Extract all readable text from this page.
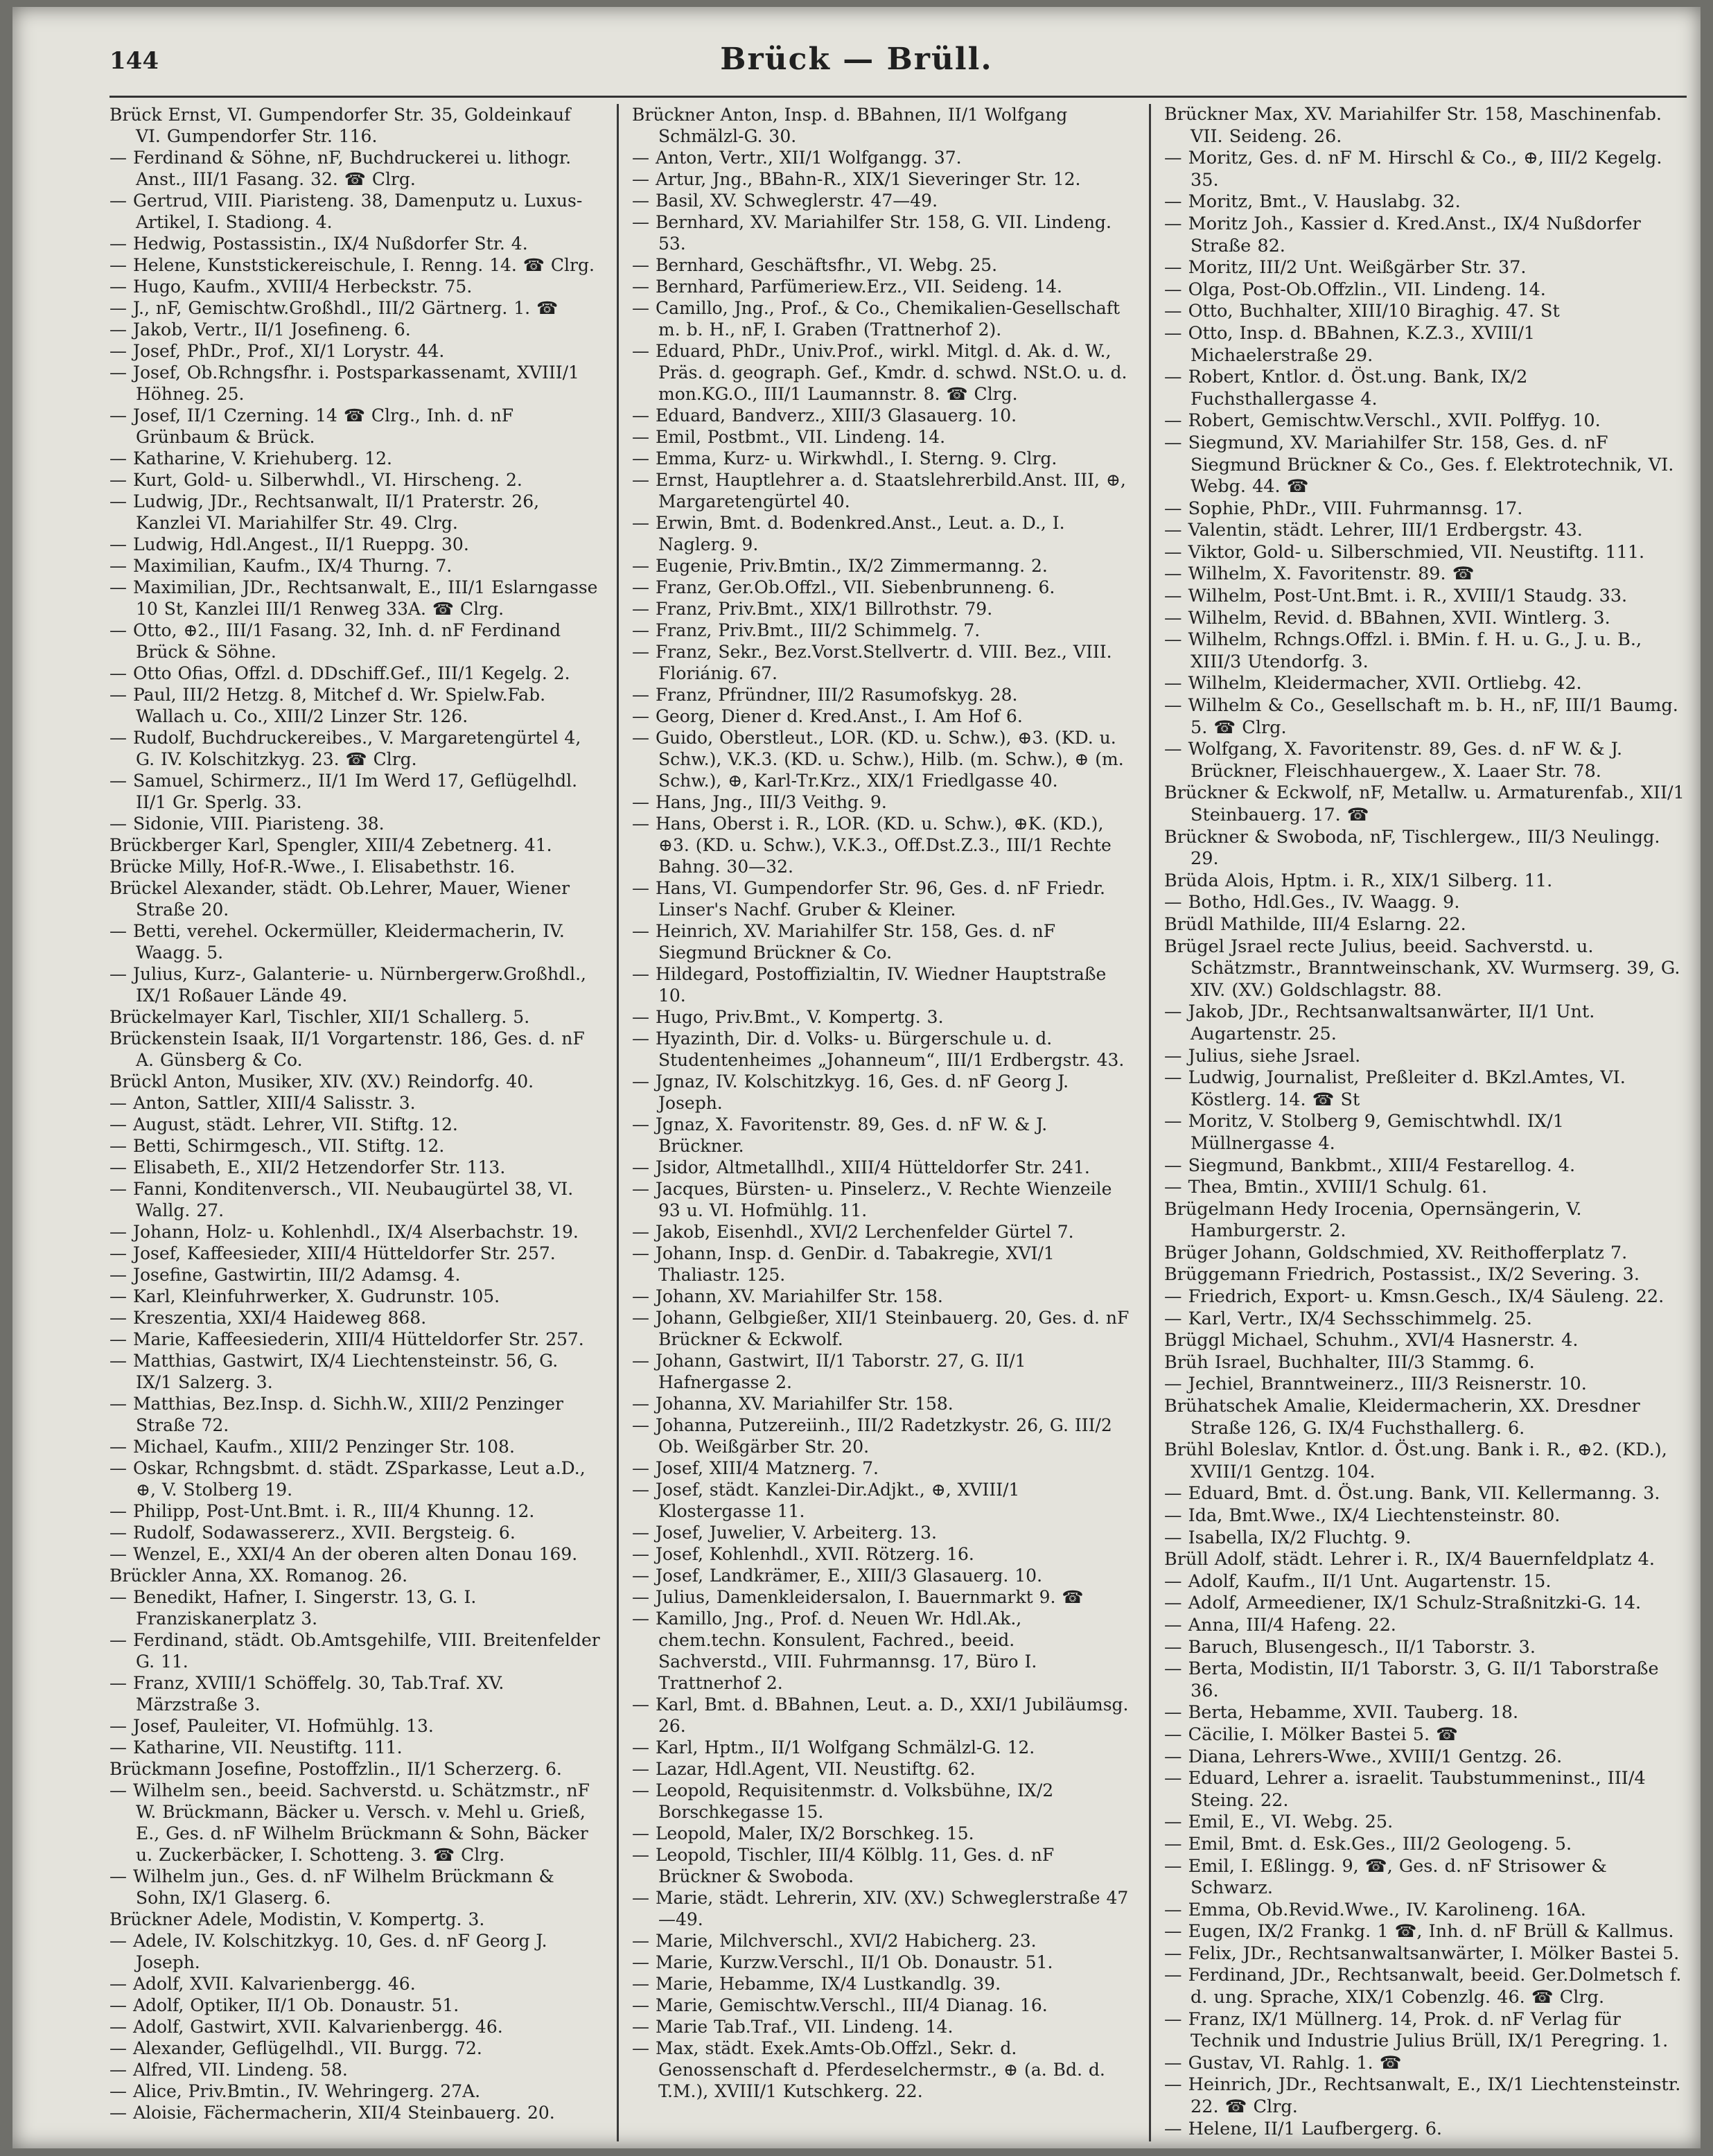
144	Brück — Brüll.

Brück Ernst, VI. Gumpendorfer Str. 35, Goldeinkauf VI. Gumpendorfer Str. 116.

— Ferdinand & Söhne, nF, Buchdruckerei u. lithogr. Anst., III/1 Fasang. 32. ☎ Clrg.

— Gertrud, VIII. Piaristeng. 38, Damenputz u. Luxus-Artikel, I. Stadiong. 4.

— Hedwig, Postassistin., IX/4 Nußdorfer Str. 4.

— Helene, Kunststickereischule, I. Renng. 14. ☎ Clrg.

— Hugo, Kaufm., XVIII/4 Herbeckstr. 75.

— J., nF, Gemischtw.Großhdl., III/2 Gärtnerg. 1. ☎

— Jakob, Vertr., II/1 Josefineng. 6.

— Josef, PhDr., Prof., XI/1 Lorystr. 44.

— Josef, Ob.Rchngsfhr. i. Postsparkassenamt, XVIII/1 Höhneg. 25.

— Josef, II/1 Czerning. 14 ☎ Clrg., Inh. d. nF Grünbaum & Brück.

— Katharine, V. Kriehuberg. 12.

— Kurt, Gold- u. Silberwhdl., VI. Hirscheng. 2.

— Ludwig, JDr., Rechtsanwalt, II/1 Praterstr. 26, Kanzlei VI. Mariahilfer Str. 49. Clrg.

— Ludwig, Hdl.Angest., II/1 Rueppg. 30.

— Maximilian, Kaufm., IX/4 Thurng. 7.

— Maximilian, JDr., Rechtsanwalt, E., III/1 Eslarngasse 10 St, Kanzlei III/1 Renweg 33A. ☎ Clrg.

— Otto, ⊕2., III/1 Fasang. 32, Inh. d. nF Ferdinand Brück & Söhne.

— Otto Ofias, Offzl. d. DDschiff.Gef., III/1 Kegelg. 2.

— Paul, III/2 Hetzg. 8, Mitchef d. Wr. Spielw.Fab. Wallach u. Co., XIII/2 Linzer Str. 126.

— Rudolf, Buchdruckereibes., V. Margaretengürtel 4, G. IV. Kolschitzkyg. 23. ☎ Clrg.

— Samuel, Schirmerz., II/1 Im Werd 17, Geflügelhdl. II/1 Gr. Sperlg. 33.

— Sidonie, VIII. Piaristeng. 38.

Brückberger Karl, Spengler, XIII/4 Zebetnerg. 41.

Brücke Milly, Hof-R.-Wwe., I. Elisabethstr. 16.

Brückel Alexander, städt. Ob.Lehrer, Mauer, Wiener Straße 20.

— Betti, verehel. Ockermüller, Kleidermacherin, IV. Waagg. 5.

— Julius, Kurz-, Galanterie- u. Nürnbergerw.Großhdl., IX/1 Roßauer Lände 49.

Brückelmayer Karl, Tischler, XII/1 Schallerg. 5.

Brückenstein Isaak, II/1 Vorgartenstr. 186, Ges. d. nF A. Günsberg & Co.

Brückl Anton, Musiker, XIV. (XV.) Reindorfg. 40.

— Anton, Sattler, XIII/4 Salisstr. 3.

— August, städt. Lehrer, VII. Stiftg. 12.

— Betti, Schirmgesch., VII. Stiftg. 12.

— Elisabeth, E., XII/2 Hetzendorfer Str. 113.

— Fanni, Konditenversch., VII. Neubaugürtel 38, VI. Wallg. 27.

— Johann, Holz- u. Kohlenhdl., IX/4 Alserbachstr. 19.

— Josef, Kaffeesieder, XIII/4 Hütteldorfer Str. 257.

— Josefine, Gastwirtin, III/2 Adamsg. 4.

— Karl, Kleinfuhrwerker, X. Gudrunstr. 105.

— Kreszentia, XXI/4 Haideweg 868.

— Marie, Kaffeesiederin, XIII/4 Hütteldorfer Str. 257.

— Matthias, Gastwirt, IX/4 Liechtensteinstr. 56, G. IX/1 Salzerg. 3.

— Matthias, Bez.Insp. d. Sichh.W., XIII/2 Penzinger Straße 72.

— Michael, Kaufm., XIII/2 Penzinger Str. 108.

— Oskar, Rchngsbmt. d. städt. ZSparkasse, Leut a.D., ⊕, V. Stolberg 19.

— Philipp, Post-Unt.Bmt. i. R., III/4 Khunng. 12.

— Rudolf, Sodawassererz., XVII. Bergsteig. 6.

— Wenzel, E., XXI/4 An der oberen alten Donau 169.

Brückler Anna, XX. Romanog. 26.

— Benedikt, Hafner, I. Singerstr. 13, G. I. Franziskanerplatz 3.

— Ferdinand, städt. Ob.Amtsgehilfe, VIII. Breitenfelder G. 11.

— Franz, XVIII/1 Schöffelg. 30, Tab.Traf. XV. Märzstraße 3.

— Josef, Pauleiter, VI. Hofmühlg. 13.

— Katharine, VII. Neustiftg. 111.

Brückmann Josefine, Postoffzlin., II/1 Scherzerg. 6.

— Wilhelm sen., beeid. Sachverstd. u. Schätzmstr., nF W. Brückmann, Bäcker u. Versch. v. Mehl u. Grieß, E., Ges. d. nF Wilhelm Brückmann & Sohn, Bäcker u. Zuckerbäcker, I. Schotteng. 3. ☎ Clrg.

— Wilhelm jun., Ges. d. nF Wilhelm Brückmann & Sohn, IX/1 Glaserg. 6.

Brückner Adele, Modistin, V. Kompertg. 3.

— Adele, IV. Kolschitzkyg. 10, Ges. d. nF Georg J. Joseph.

— Adolf, XVII. Kalvarienbergg. 46.

— Adolf, Optiker, II/1 Ob. Donaustr. 51.

— Adolf, Gastwirt, XVII. Kalvarienbergg. 46.

— Alexander, Geflügelhdl., VII. Burgg. 72.

— Alfred, VII. Lindeng. 58.

— Alice, Priv.Bmtin., IV. Wehringerg. 27A.

— Aloisie, Fächermacherin, XII/4 Steinbauerg. 20.

Brückner Anton, Insp. d. BBahnen, II/1 Wolfgang Schmälzl-G. 30.

— Anton, Vertr., XII/1 Wolfgangg. 37.

— Artur, Jng., BBahn-R., XIX/1 Sieveringer Str. 12.

— Basil, XV. Schweglerstr. 47—49.

— Bernhard, XV. Mariahilfer Str. 158, G. VII. Lindeng. 53.

— Bernhard, Geschäftsfhr., VI. Webg. 25.

— Bernhard, Parfümeriew.Erz., VII. Seideng. 14.

— Camillo, Jng., Prof., & Co., Chemikalien-Gesellschaft m. b. H., nF, I. Graben (Trattnerhof 2).

— Eduard, PhDr., Univ.Prof., wirkl. Mitgl. d. Ak. d. W., Präs. d. geograph. Gef., Kmdr. d. schwd. NSt.O. u. d. mon.KG.O., III/1 Laumannstr. 8. ☎ Clrg.

— Eduard, Bandverz., XIII/3 Glasauerg. 10.

— Emil, Postbmt., VII. Lindeng. 14.

— Emma, Kurz- u. Wirkwhdl., I. Sterng. 9. Clrg.

— Ernst, Hauptlehrer a. d. Staatslehrerbild.Anst. III, ⊕, Margaretengürtel 40.

— Erwin, Bmt. d. Bodenkred.Anst., Leut. a. D., I. Naglerg. 9.

— Eugenie, Priv.Bmtin., IX/2 Zimmermanng. 2.

— Franz, Ger.Ob.Offzl., VII. Siebenbrunneng. 6.

— Franz, Priv.Bmt., XIX/1 Billrothstr. 79.

— Franz, Priv.Bmt., III/2 Schimmelg. 7.

— Franz, Sekr., Bez.Vorst.Stellvertr. d. VIII. Bez., VIII. Floriánig. 67.

— Franz, Pfründner, III/2 Rasumofskyg. 28.

— Georg, Diener d. Kred.Anst., I. Am Hof 6.

— Guido, Oberstleut., LOR. (KD. u. Schw.), ⊕3. (KD. u. Schw.), V.K.3. (KD. u. Schw.), Hilb. (m. Schw.), ⊕ (m. Schw.), ⊕, Karl-Tr.Krz., XIX/1 Friedlgasse 40.

— Hans, Jng., III/3 Veithg. 9.

— Hans, Oberst i. R., LOR. (KD. u. Schw.), ⊕K. (KD.), ⊕3. (KD. u. Schw.), V.K.3., Off.Dst.Z.3., III/1 Rechte Bahng. 30—32.

— Hans, VI. Gumpendorfer Str. 96, Ges. d. nF Friedr. Linser's Nachf. Gruber & Kleiner.

— Heinrich, XV. Mariahilfer Str. 158, Ges. d. nF Siegmund Brückner & Co.

— Hildegard, Postoffizialtin, IV. Wiedner Hauptstraße 10.

— Hugo, Priv.Bmt., V. Kompertg. 3.

— Hyazinth, Dir. d. Volks- u. Bürgerschule u. d. Studentenheimes „Johanneum“, III/1 Erdbergstr. 43.

— Jgnaz, IV. Kolschitzkyg. 16, Ges. d. nF Georg J. Joseph.

— Jgnaz, X. Favoritenstr. 89, Ges. d. nF W. & J. Brückner.

— Jsidor, Altmetallhdl., XIII/4 Hütteldorfer Str. 241.

— Jacques, Bürsten- u. Pinselerz., V. Rechte Wienzeile 93 u. VI. Hofmühlg. 11.

— Jakob, Eisenhdl., XVI/2 Lerchenfelder Gürtel 7.

— Johann, Insp. d. GenDir. d. Tabakregie, XVI/1 Thaliastr. 125.

— Johann, XV. Mariahilfer Str. 158.

— Johann, Gelbgießer, XII/1 Steinbauerg. 20, Ges. d. nF Brückner & Eckwolf.

— Johann, Gastwirt, II/1 Taborstr. 27, G. II/1 Hafnergasse 2.

— Johanna, XV. Mariahilfer Str. 158.

— Johanna, Putzereiinh., III/2 Radetzkystr. 26, G. III/2 Ob. Weißgärber Str. 20.

— Josef, XIII/4 Matznerg. 7.

— Josef, städt. Kanzlei-Dir.Adjkt., ⊕, XVIII/1 Klostergasse 11.

— Josef, Juwelier, V. Arbeiterg. 13.

— Josef, Kohlenhdl., XVII. Rötzerg. 16.

— Josef, Landkrämer, E., XIII/3 Glasauerg. 10.

— Julius, Damenkleidersalon, I. Bauernmarkt 9. ☎

— Kamillo, Jng., Prof. d. Neuen Wr. Hdl.Ak., chem.techn. Konsulent, Fachred., beeid. Sachverstd., VIII. Fuhrmannsg. 17, Büro I. Trattnerhof 2.

— Karl, Bmt. d. BBahnen, Leut. a. D., XXI/1 Jubiläumsg. 26.

— Karl, Hptm., II/1 Wolfgang Schmälzl-G. 12.

— Lazar, Hdl.Agent, VII. Neustiftg. 62.

— Leopold, Requisitenmstr. d. Volksbühne, IX/2 Borschkegasse 15.

— Leopold, Maler, IX/2 Borschkeg. 15.

— Leopold, Tischler, III/4 Kölblg. 11, Ges. d. nF Brückner & Swoboda.

— Marie, städt. Lehrerin, XIV. (XV.) Schweglerstraße 47—49.

— Marie, Milchverschl., XVI/2 Habicherg. 23.

— Marie, Kurzw.Verschl., II/1 Ob. Donaustr. 51.

— Marie, Hebamme, IX/4 Lustkandlg. 39.

— Marie, Gemischtw.Verschl., III/4 Dianag. 16.

— Marie Tab.Traf., VII. Lindeng. 14.

— Max, städt. Exek.Amts-Ob.Offzl., Sekr. d. Genossenschaft d. Pferdeselchermstr., ⊕ (a. Bd. d. T.M.), XVIII/1 Kutschkerg. 22.

Brückner Max, XV. Mariahilfer Str. 158, Maschinenfab. VII. Seideng. 26.

— Moritz, Ges. d. nF M. Hirschl & Co., ⊕, III/2 Kegelg. 35.

— Moritz, Bmt., V. Hauslabg. 32.

— Moritz Joh., Kassier d. Kred.Anst., IX/4 Nußdorfer Straße 82.

— Moritz, III/2 Unt. Weißgärber Str. 37.

— Olga, Post-Ob.Offzlin., VII. Lindeng. 14.

— Otto, Buchhalter, XIII/10 Biraghig. 47. St

— Otto, Insp. d. BBahnen, K.Z.3., XVIII/1 Michaelerstraße 29.

— Robert, Kntlor. d. Öst.ung. Bank, IX/2 Fuchsthallergasse 4.

— Robert, Gemischtw.Verschl., XVII. Polffyg. 10.

— Siegmund, XV. Mariahilfer Str. 158, Ges. d. nF Siegmund Brückner & Co., Ges. f. Elektrotechnik, VI. Webg. 44. ☎

— Sophie, PhDr., VIII. Fuhrmannsg. 17.

— Valentin, städt. Lehrer, III/1 Erdbergstr. 43.

— Viktor, Gold- u. Silberschmied, VII. Neustiftg. 111.

— Wilhelm, X. Favoritenstr. 89. ☎

— Wilhelm, Post-Unt.Bmt. i. R., XVIII/1 Staudg. 33.

— Wilhelm, Revid. d. BBahnen, XVII. Wintlerg. 3.

— Wilhelm, Rchngs.Offzl. i. BMin. f. H. u. G., J. u. B., XIII/3 Utendorfg. 3.

— Wilhelm, Kleidermacher, XVII. Ortliebg. 42.

— Wilhelm & Co., Gesellschaft m. b. H., nF, III/1 Baumg. 5. ☎ Clrg.

— Wolfgang, X. Favoritenstr. 89, Ges. d. nF W. & J. Brückner, Fleischhauergew., X. Laaer Str. 78.

Brückner & Eckwolf, nF, Metallw. u. Armaturenfab., XII/1 Steinbauerg. 17. ☎

Brückner & Swoboda, nF, Tischlergew., III/3 Neulingg. 29.

Brüda Alois, Hptm. i. R., XIX/1 Silberg. 11.

— Botho, Hdl.Ges., IV. Waagg. 9.

Brüdl Mathilde, III/4 Eslarng. 22.

Brügel Jsrael recte Julius, beeid. Sachverstd. u. Schätzmstr., Branntweinschank, XV. Wurmserg. 39, G. XIV. (XV.) Goldschlagstr. 88.

— Jakob, JDr., Rechtsanwaltsanwärter, II/1 Unt. Augartenstr. 25.

— Julius, siehe Jsrael.

— Ludwig, Journalist, Preßleiter d. BKzl.Amtes, VI. Köstlerg. 14. ☎ St

— Moritz, V. Stolberg 9, Gemischtwhdl. IX/1 Müllnergasse 4.

— Siegmund, Bankbmt., XIII/4 Festarellog. 4.

— Thea, Bmtin., XVIII/1 Schulg. 61.

Brügelmann Hedy Irocenia, Opernsängerin, V. Hamburgerstr. 2.

Brüger Johann, Goldschmied, XV. Reithofferplatz 7.

Brüggemann Friedrich, Postassist., IX/2 Severing. 3.

— Friedrich, Export- u. Kmsn.Gesch., IX/4 Säuleng. 22.

— Karl, Vertr., IX/4 Sechsschimmelg. 25.

Brüggl Michael, Schuhm., XVI/4 Hasnerstr. 4.

Brüh Israel, Buchhalter, III/3 Stammg. 6.

— Jechiel, Branntweinerz., III/3 Reisnerstr. 10.

Brühatschek Amalie, Kleidermacherin, XX. Dresdner Straße 126, G. IX/4 Fuchsthallerg. 6.

Brühl Boleslav, Kntlor. d. Öst.ung. Bank i. R., ⊕2. (KD.), XVIII/1 Gentzg. 104.

— Eduard, Bmt. d. Öst.ung. Bank, VII. Kellermanng. 3.

— Ida, Bmt.Wwe., IX/4 Liechtensteinstr. 80.

— Isabella, IX/2 Fluchtg. 9.

Brüll Adolf, städt. Lehrer i. R., IX/4 Bauernfeldplatz 4.

— Adolf, Kaufm., II/1 Unt. Augartenstr. 15.

— Adolf, Armeediener, IX/1 Schulz-Straßnitzki-G. 14.

— Anna, III/4 Hafeng. 22.

— Baruch, Blusengesch., II/1 Taborstr. 3.

— Berta, Modistin, II/1 Taborstr. 3, G. II/1 Taborstraße 36.

— Berta, Hebamme, XVII. Tauberg. 18.

— Cäcilie, I. Mölker Bastei 5. ☎

— Diana, Lehrers-Wwe., XVIII/1 Gentzg. 26.

— Eduard, Lehrer a. israelit. Taubstummeninst., III/4 Steing. 22.

— Emil, E., VI. Webg. 25.

— Emil, Bmt. d. Esk.Ges., III/2 Geologeng. 5.

— Emil, I. Eßlingg. 9, ☎, Ges. d. nF Strisower & Schwarz.

— Emma, Ob.Revid.Wwe., IV. Karolineng. 16A.

— Eugen, IX/2 Frankg. 1 ☎, Inh. d. nF Brüll & Kallmus.

— Felix, JDr., Rechtsanwaltsanwärter, I. Mölker Bastei 5.

— Ferdinand, JDr., Rechtsanwalt, beeid. Ger.Dolmetsch f. d. ung. Sprache, XIX/1 Cobenzlg. 46. ☎ Clrg.

— Franz, IX/1 Müllnerg. 14, Prok. d. nF Verlag für Technik und Industrie Julius Brüll, IX/1 Peregring. 1.

— Gustav, VI. Rahlg. 1. ☎

— Heinrich, JDr., Rechtsanwalt, E., IX/1 Liechtensteinstr. 22. ☎ Clrg.

— Helene, II/1 Laufbergerg. 6.
